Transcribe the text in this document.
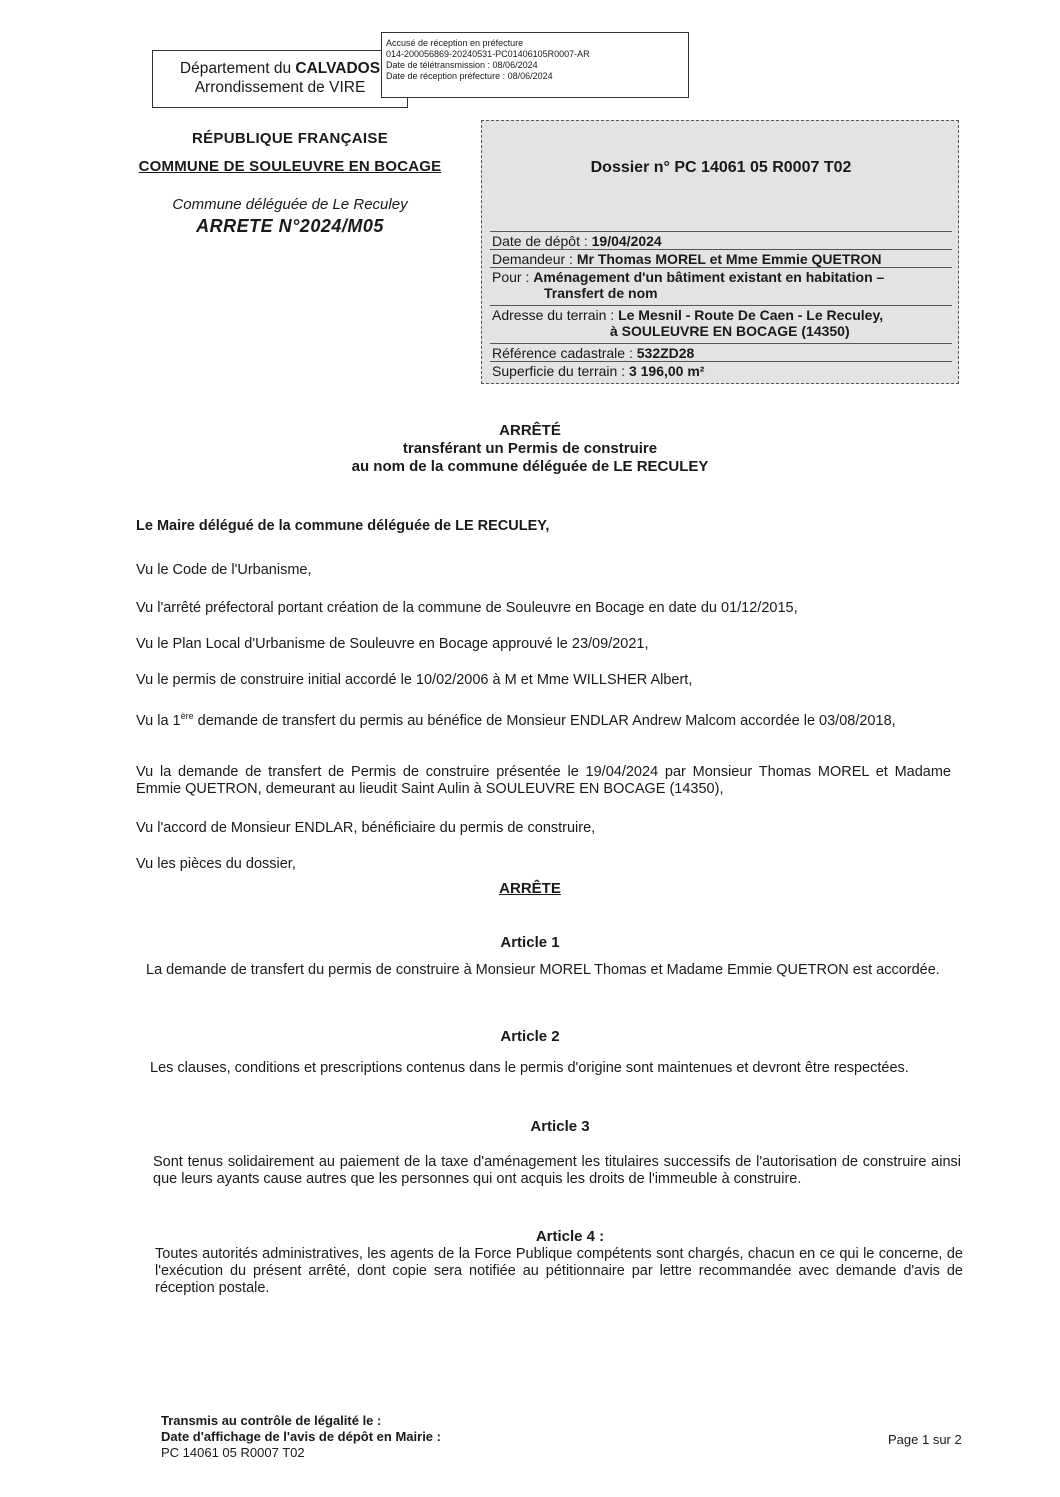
Département du CALVADOS
Arrondissement de VIRE
Accusé de réception en préfecture
014-200056869-20240531-PC01406105R0007-AR
Date de télétransmission : 08/06/2024
Date de réception préfecture : 08/06/2024
RÉPUBLIQUE FRANÇAISE
COMMUNE DE SOULEUVRE EN BOCAGE
Commune déléguée de Le Reculey
ARRETE N°2024/M05
Dossier n° PC 14061 05 R0007 T02
Date de dépôt : 19/04/2024
Demandeur : Mr Thomas MOREL et Mme Emmie QUETRON
Pour : Aménagement d'un bâtiment existant en habitation –
Transfert de nom
Adresse du terrain : Le Mesnil - Route De Caen - Le Reculey,
à SOULEUVRE EN BOCAGE (14350)
Référence cadastrale : 532ZD28
Superficie du terrain : 3 196,00 m²
ARRÊTÉ
transférant un Permis de construire
au nom de la commune déléguée de LE RECULEY
Le Maire délégué de la commune déléguée de LE RECULEY,
Vu le Code de l'Urbanisme,
Vu l'arrêté préfectoral portant création de la commune de Souleuvre en Bocage en date du 01/12/2015,
Vu le Plan Local d'Urbanisme de Souleuvre en Bocage approuvé le 23/09/2021,
Vu le permis de construire initial accordé le 10/02/2006 à M et Mme WILLSHER Albert,
Vu la 1ère demande de transfert du permis au bénéfice de Monsieur ENDLAR Andrew Malcom accordée le 03/08/2018,
Vu la demande de transfert de Permis de construire présentée le 19/04/2024 par Monsieur Thomas MOREL et Madame Emmie QUETRON, demeurant au lieudit Saint Aulin à SOULEUVRE EN BOCAGE (14350),
Vu l'accord de Monsieur ENDLAR, bénéficiaire du permis de construire,
Vu les pièces du dossier,
ARRÊTE
Article 1
La demande de transfert du permis de construire à Monsieur MOREL Thomas et Madame Emmie QUETRON est accordée.
Article 2
Les clauses, conditions et prescriptions contenus dans le permis d'origine sont maintenues et devront être respectées.
Article 3
Sont tenus solidairement au paiement de la taxe d'aménagement les titulaires successifs de l'autorisation de construire ainsi que leurs ayants cause autres que les personnes qui ont acquis les droits de l'immeuble à construire.
Article 4 :
Toutes autorités administratives, les agents de la Force Publique compétents sont chargés, chacun en ce qui le concerne, de l'exécution du présent arrêté, dont copie sera notifiée au pétitionnaire par lettre recommandée avec demande d'avis de réception postale.
Transmis au contrôle de légalité le :
Date d'affichage de l'avis de dépôt en Mairie :
PC 14061 05 R0007 T02
Page 1 sur 2
